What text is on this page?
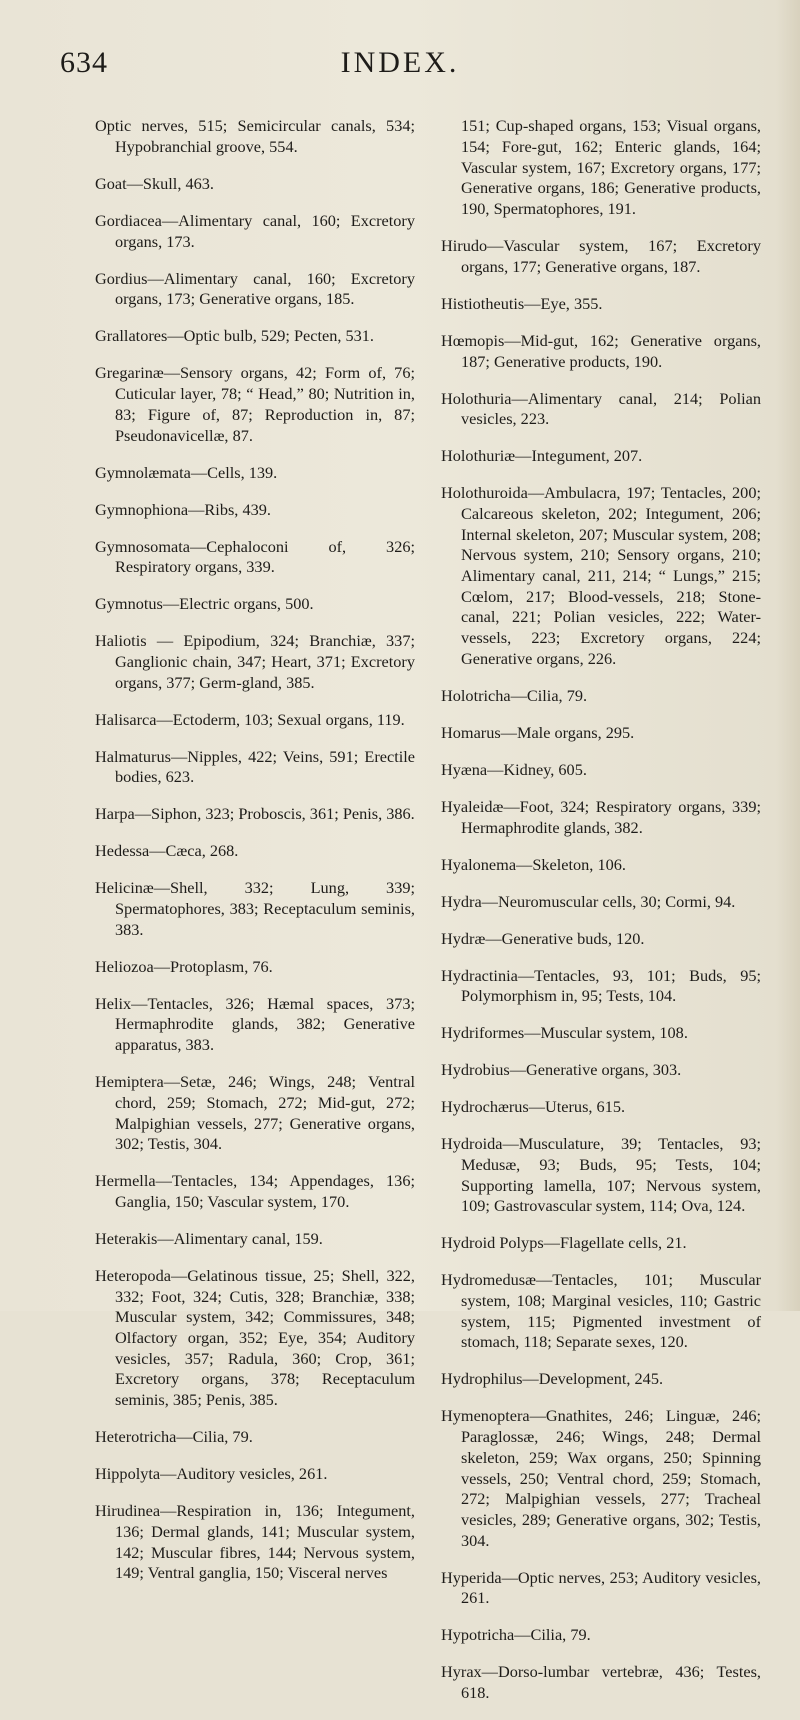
634	INDEX.

Optic nerves, 515; Semicircular canals, 534; Hypobranchial groove, 554.

Goat—Skull, 463.

Gordiacea—Alimentary canal, 160; Excretory organs, 173.

Gordius—Alimentary canal, 160; Excretory organs, 173; Generative organs, 185.

Grallatores—Optic bulb, 529; Pecten, 531.

Gregarinæ—Sensory organs, 42; Form of, 76; Cuticular layer, 78; “ Head,” 80; Nutrition in, 83; Figure of, 87; Reproduction in, 87; Pseudonavicellæ, 87.

Gymnolæmata—Cells, 139.

Gymnophiona—Ribs, 439.

Gymnosomata—Cephaloconi of, 326; Respiratory organs, 339.

Gymnotus—Electric organs, 500.

Haliotis — Epipodium, 324; Branchiæ, 337; Ganglionic chain, 347; Heart, 371; Excretory organs, 377; Germ-gland, 385.

Halisarca—Ectoderm, 103; Sexual organs, 119.

Halmaturus—Nipples, 422; Veins, 591; Erectile bodies, 623.

Harpa—Siphon, 323; Proboscis, 361; Penis, 386.

Hedessa—Cæca, 268.

Helicinæ—Shell, 332; Lung, 339; Spermatophores, 383; Receptaculum seminis, 383.

Heliozoa—Protoplasm, 76.

Helix—Tentacles, 326; Hæmal spaces, 373; Hermaphrodite glands, 382; Generative apparatus, 383.

Hemiptera—Setæ, 246; Wings, 248; Ventral chord, 259; Stomach, 272; Mid-gut, 272; Malpighian vessels, 277; Generative organs, 302; Testis, 304.

Hermella—Tentacles, 134; Appendages, 136; Ganglia, 150; Vascular system, 170.

Heterakis—Alimentary canal, 159.

Heteropoda—Gelatinous tissue, 25; Shell, 322, 332; Foot, 324; Cutis, 328; Branchiæ, 338; Muscular system, 342; Commissures, 348; Olfactory organ, 352; Eye, 354; Auditory vesicles, 357; Radula, 360; Crop, 361; Excretory organs, 378; Receptaculum seminis, 385; Penis, 385.

Heterotricha—Cilia, 79.

Hippolyta—Auditory vesicles, 261.

Hirudinea—Respiration in, 136; Integument, 136; Dermal glands, 141; Muscular system, 142; Muscular fibres, 144; Nervous system, 149; Ventral ganglia, 150; Visceral nerves

151; Cup-shaped organs, 153; Visual organs, 154; Fore-gut, 162; Enteric glands, 164; Vascular system, 167; Excretory organs, 177; Generative organs, 186; Generative products, 190, Spermatophores, 191.

Hirudo—Vascular system, 167; Excretory organs, 177; Generative organs, 187.

Histiotheutis—Eye, 355.

Hœmopis—Mid-gut, 162; Generative organs, 187; Generative products, 190.

Holothuria—Alimentary canal, 214; Polian vesicles, 223.

Holothuriæ—Integument, 207.

Holothuroida—Ambulacra, 197; Tentacles, 200; Calcareous skeleton, 202; Integument, 206; Internal skeleton, 207; Muscular system, 208; Nervous system, 210; Sensory organs, 210; Alimentary canal, 211, 214; “ Lungs,” 215; Cœlom, 217; Blood-vessels, 218; Stone-canal, 221; Polian vesicles, 222; Water-vessels, 223; Excretory organs, 224; Generative organs, 226.

Holotricha—Cilia, 79.

Homarus—Male organs, 295.

Hyæna—Kidney, 605.

Hyaleidæ—Foot, 324; Respiratory organs, 339; Hermaphrodite glands, 382.

Hyalonema—Skeleton, 106.

Hydra—Neuromuscular cells, 30; Cormi, 94.

Hydræ—Generative buds, 120.

Hydractinia—Tentacles, 93, 101; Buds, 95; Polymorphism in, 95; Tests, 104.

Hydriformes—Muscular system, 108.

Hydrobius—Generative organs, 303.

Hydrochærus—Uterus, 615.

Hydroida—Musculature, 39; Tentacles, 93; Medusæ, 93; Buds, 95; Tests, 104; Supporting lamella, 107; Nervous system, 109; Gastrovascular system, 114; Ova, 124.

Hydroid Polyps—Flagellate cells, 21.

Hydromedusæ—Tentacles, 101; Muscular system, 108; Marginal vesicles, 110; Gastric system, 115; Pigmented investment of stomach, 118; Separate sexes, 120.

Hydrophilus—Development, 245.

Hymenoptera—Gnathites, 246; Linguæ, 246; Paraglossæ, 246; Wings, 248; Dermal skeleton, 259; Wax organs, 250; Spinning vessels, 250; Ventral chord, 259; Stomach, 272; Malpighian vessels, 277; Tracheal vesicles, 289; Generative organs, 302; Testis, 304.

Hyperida—Optic nerves, 253; Auditory vesicles, 261.

Hypotricha—Cilia, 79.

Hyrax—Dorso-lumbar vertebræ, 436; Testes, 618.
